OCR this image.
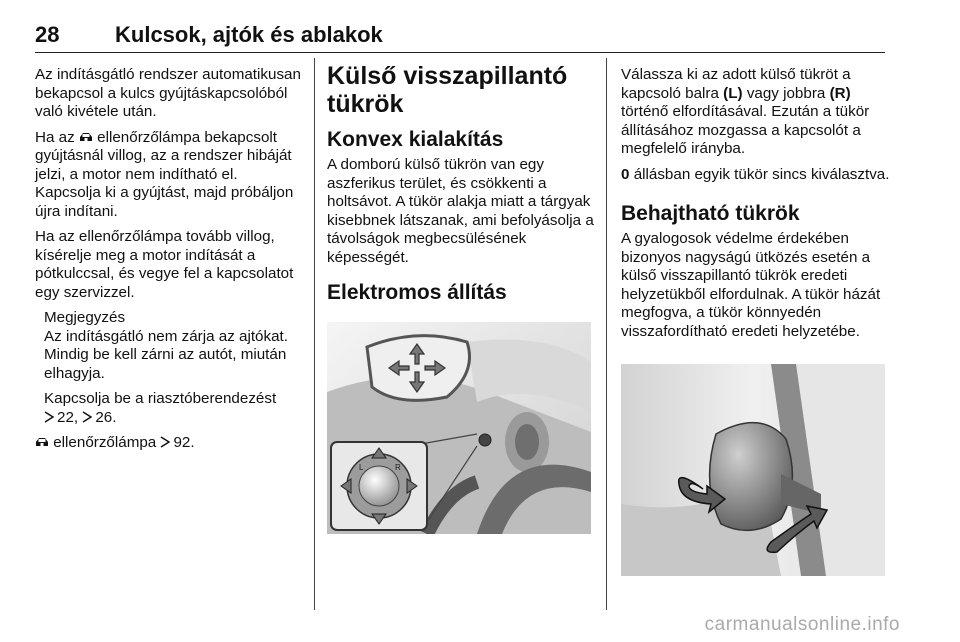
28	Kulcsok, ajtók és ablakok

Az indításgátló rendszer automatikusan bekapcsol a kulcs gyújtáskapcsolóból való kivétele után.

Ha az ellenőrzőlámpa bekapcsolt gyújtásnál villog, az a rendszer hibáját jelzi, a motor nem indítható el. Kapcsolja ki a gyújtást, majd próbáljon újra indítani.

Ha az ellenőrzőlámpa tovább villog, kísérelje meg a motor indítását a pótkulccsal, és vegye fel a kapcsolatot egy szervizzel.

Megjegyzés

Az indításgátló nem zárja az ajtókat. Mindig be kell zárni az autót, miután elhagyja.

Kapcsolja be a riasztóberendezést
22, 26.

ellenőrzőlámpa 92.

Külső visszapillantó tükrök
Konvex kialakítás

A domború külső tükrön van egy aszferikus terület, és csökkenti a holtsávot. A tükör alakja miatt a tárgyak kisebbnek látszanak, ami befolyásolja a távolságok megbecsülésének képességét.

Elektromos állítás
L	R

Válassza ki az adott külső tükröt a kapcsoló balra (L) vagy jobbra (R) történő elfordításával. Ezután a tükör állításához mozgassa a kapcsolót a megfelelő irányba.

0 állásban egyik tükör sincs kiválasztva.

Behajtható tükrök

A gyalogosok védelme érdekében bizonyos nagyságú ütközés esetén a külső visszapillantó tükrök eredeti helyzetükből elfordulnak. A tükör házát megfogva, a tükör könnyedén visszafordítható eredeti helyzetébe.

carmanualsonline.info
